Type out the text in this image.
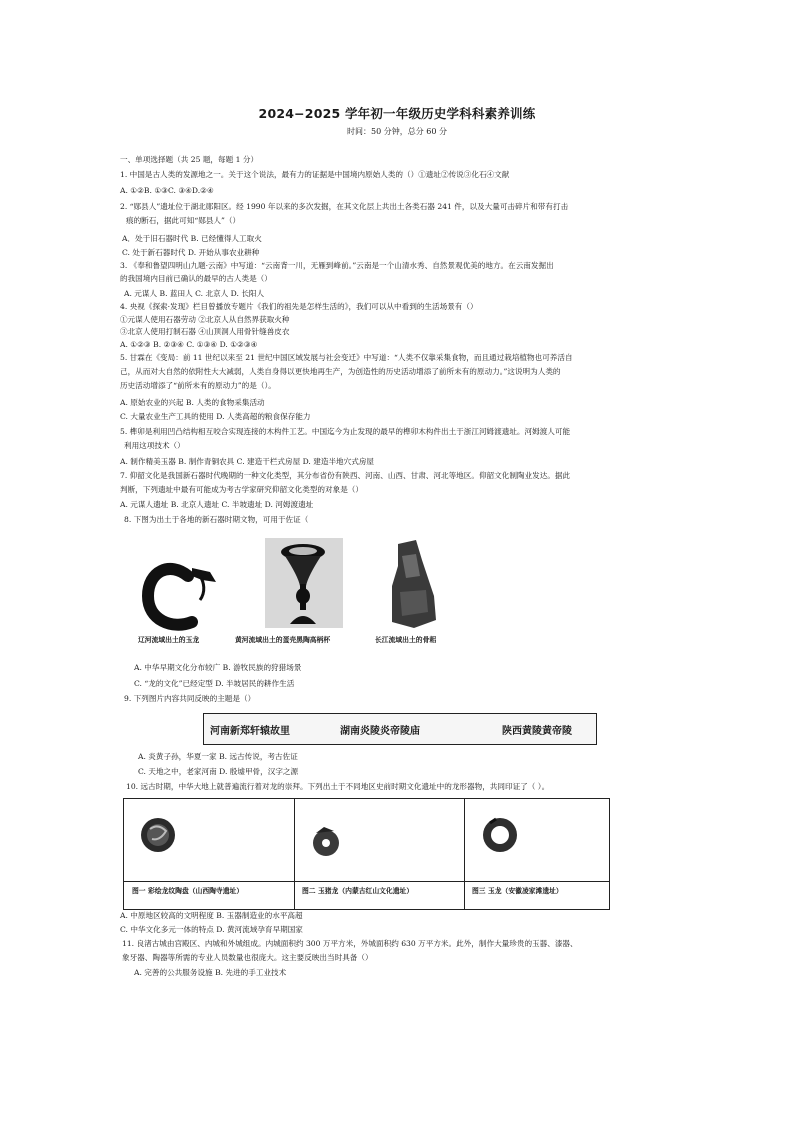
2024−2025 学年初一年级历史学科科素养训练
时间：50 分钟，总分 60 分
一、单项选择题（共 25 题，每题 1 分）
1. 中国是古人类的发源地之一。关于这个说法，最有力的证据是中国境内原始人类的（）①遗址②传说③化石④文献
A. ①②B. ①③C. ③④D.②④
2. “郧县人”遗址位于湖北郧阳区。经 1990 年以来的多次发掘，在其文化层上共出土各类石器 241 件，以及大量可击碎片和带有打击
痕的断石，据此可知“郧县人”（）
A．处于旧石器时代 B. 已经懂得人工取火
C. 处于新石器时代 D. 开始从事农业耕种
3. 《奉和鲁望四明山九题·云南》中写道：“云南背一川，无雁到峰前。”云南是一个山清水秀、自然景观优美的地方。在云南发掘出
的我国境内目前已确认的最早的古人类是（）
A. 元谋人 B. 蓝田人 C. 北京人 D. 长阳人
4. 央视《探索·发现》栏目曾播放专题片《我们的祖先是怎样生活的》，我们可以从中看到的生活场景有（）
①元谋人使用石器劳动 ②北京人从自然界获取火种
③北京人使用打制石器 ④山顶洞人用骨针缝兽皮衣
A. ①②③ B. ②③④ C. ①③④ D. ①②③④
5. 甘霖在《变局：前 11 世纪以来至 21 世纪中国区域发展与社会变迁》中写道：“人类不仅靠采集食物，而且通过栽培植物也可养活自
己，从而对大自然的依附性大大减弱，人类自身得以更快地再生产，为创造性的历史活动增添了前所未有的原动力。”这说明为人类的
历史活动增添了“前所未有的原动力”的是（）。
A. 原始农业的兴起 B. 人类的食物采集活动
C. 大量农业生产工具的使用 D. 人类高超的粮食保存能力
5. 榫卯是利用凹凸结构相互咬合实现连接的木构件工艺。中国迄今为止发现的最早的榫卯木构件出土于浙江河姆渡遗址。河姆渡人可能
利用这项技术（）
A. 制作精美玉器 B. 制作青铜农具 C. 建造干栏式房屋 D. 建造半地穴式房屋
7. 仰韶文化是我国新石器时代晚期的一种文化类型，其分布省份有陕西、河南、山西、甘肃、河北等地区。仰韶文化制陶业发达。据此
判断，下列遗址中最有可能成为考古学家研究仰韶文化类型的对象是（）
A. 元谋人遗址 B. 北京人遗址 C. 半坡遗址 D. 河姆渡遗址
8. 下图为出土于各地的新石器时期文物，可用于佐证（
辽河流域出土的玉龙	黄河流域出土的蛋壳黑陶高柄杯	长江流域出土的骨耜
A. 中华早期文化分布较广 B. 游牧民族的狩猎场景
C. “龙的文化”已经定型 D. 半坡居民的耕作生活
9. 下列图片内容共同反映的主题是（）
河南新郑轩辕故里	湖南炎陵炎帝陵庙	陕西黄陵黄帝陵
A. 炎黄子孙，华夏一家 B. 远古传说，考古佐证
C. 天地之中，老家河南 D. 殷墟甲骨，汉字之源
10. 远古时期，中华大地上就普遍流行着对龙的崇拜。下列出土于不同地区史前时期文化遗址中的龙形器物，共同印证了（ ）。
图一 彩绘龙纹陶盘（山西陶寺遗址）	图二 玉猪龙（内蒙古红山文化遗址）	图三 玉龙（安徽凌家滩遗址）
A. 中原地区较高的文明程度 B. 玉器制造业的水平高超
C. 中华文化多元一体的特点 D. 黄河流域孕育早期国家
11. 良渚古城由宫殿区、内城和外城组成。内城面积约 300 万平方米，外城面积约 630 万平方米。此外，制作大量珍贵的玉器、漆器、
象牙器、陶器等所需的专业人员数量也很庞大。这主要反映出当时具备（）
A. 完善的公共服务设施 B. 先进的手工业技术
